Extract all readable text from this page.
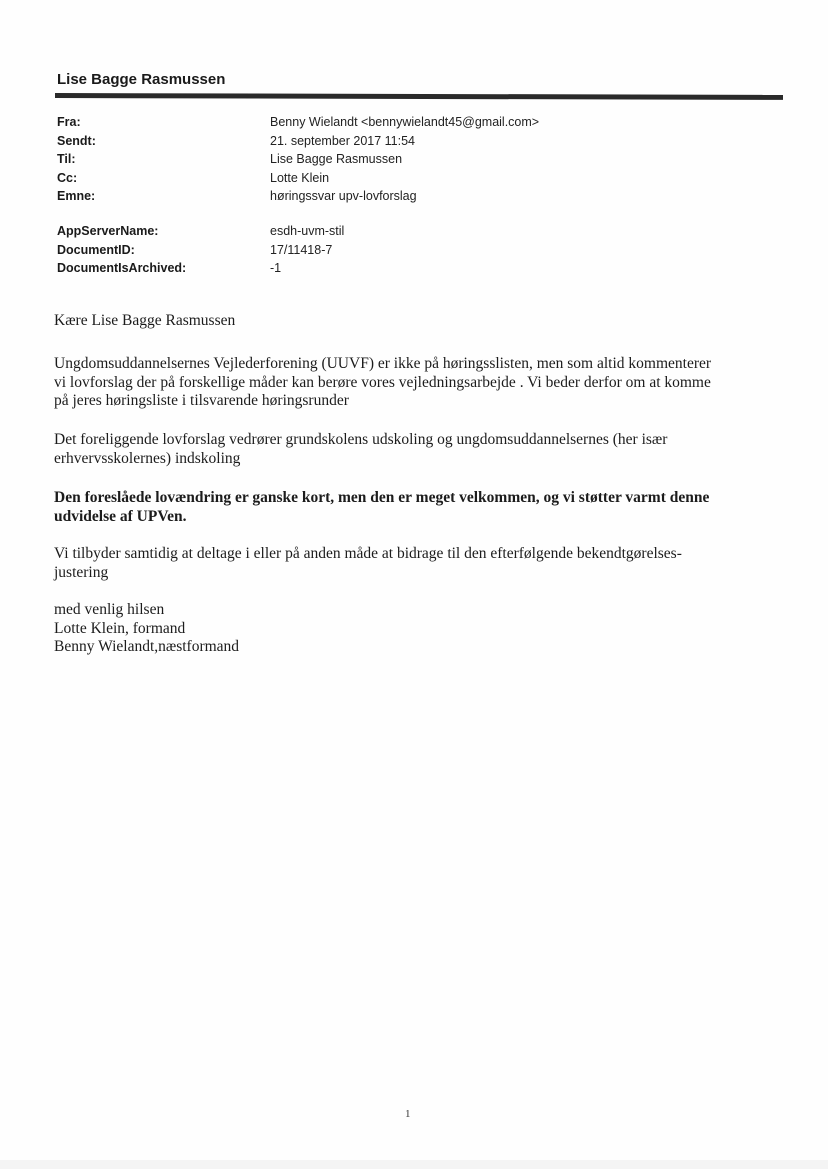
Lise Bagge Rasmussen
Fra:	Benny Wielandt <bennywielandt45@gmail.com>
Sendt:	21. september 2017 11:54
Til:	Lise Bagge Rasmussen
Cc:	Lotte Klein
Emne:	høringssvar upv-lovforslag
AppServerName:	esdh-uvm-stil
DocumentID:	17/11418-7
DocumentIsArchived:	-1
Kære Lise Bagge Rasmussen
Ungdomsuddannelsernes Vejlederforening (UUVF) er ikke på høringsslisten, men som altid kommenterer
vi lovforslag der på forskellige måder kan berøre vores vejledningsarbejde . Vi beder derfor om at komme
på jeres høringsliste i tilsvarende høringsrunder
Det foreliggende lovforslag vedrører grundskolens udskoling og ungdomsuddannelsernes (her især
erhvervsskolernes) indskoling
Den foreslåede lovændring er ganske kort, men den er meget velkommen, og vi støtter varmt denne
udvidelse af UPVen.
Vi tilbyder samtidig at deltage i eller på anden måde at bidrage til den efterfølgende bekendtgørelses-
justering
med venlig hilsen
Lotte Klein, formand
Benny Wielandt,næstformand
1
